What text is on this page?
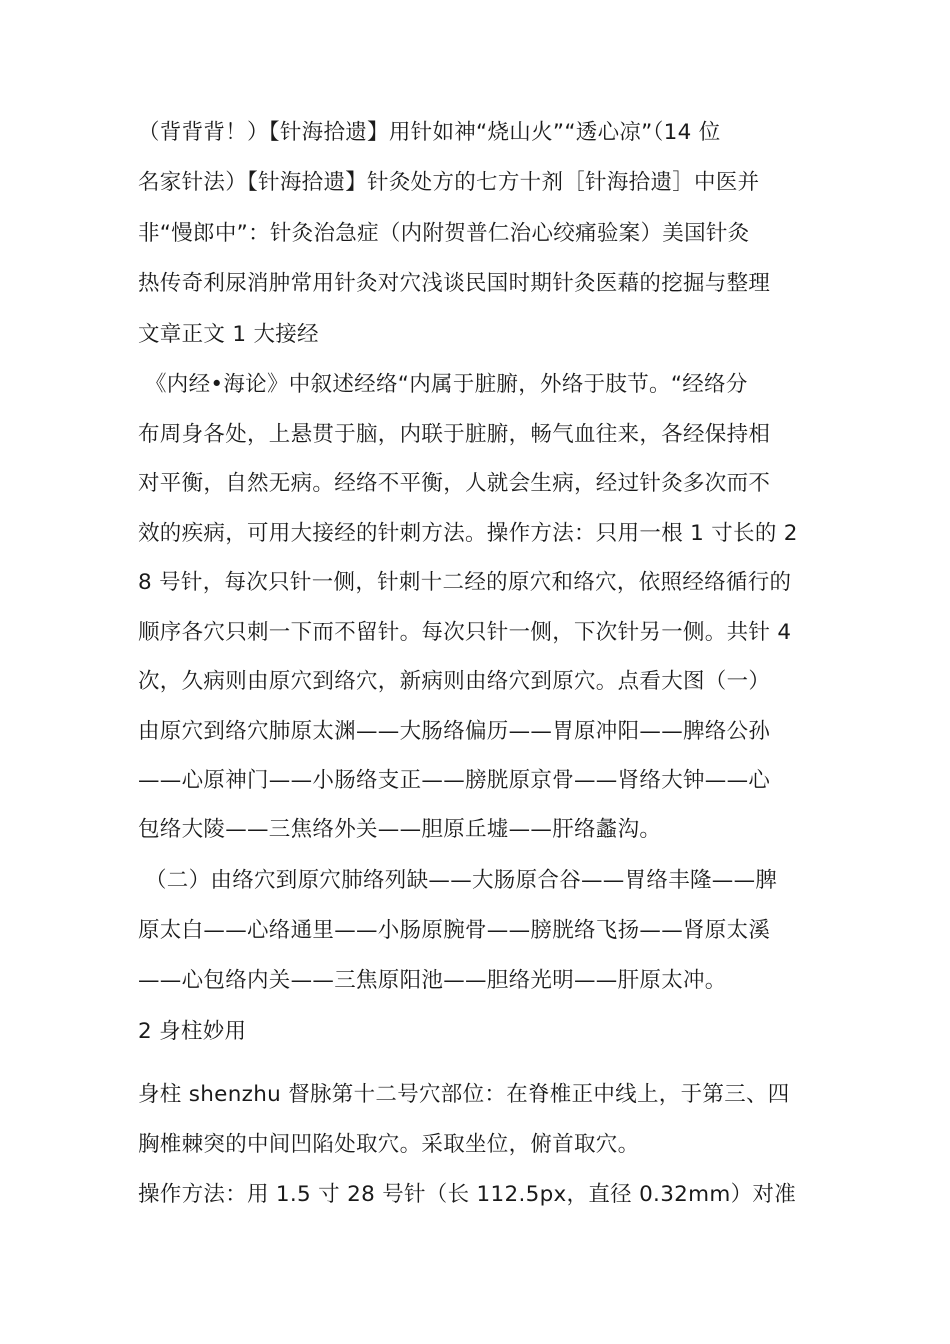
（背背背！）【针海拾遗】用针如神“烧山火”“透心凉”（14 位

名家针法）【针海拾遗】针灸处方的七方十剂［针海拾遗］中医并

非“慢郎中”：针灸治急症（内附贺普仁治心绞痛验案）美国针灸

热传奇利尿消肿常用针灸对穴浅谈民国时期针灸医藉的挖掘与整理

文章正文 1 大接经

《内经•海论》中叙述经络“内属于脏腑，外络于肢节。“经络分

布周身各处，上悬贯于脑，内联于脏腑，畅气血往来，各经保持相

对平衡，自然无病。经络不平衡，人就会生病，经过针灸多次而不

效的疾病，可用大接经的针刺方法。操作方法：只用一根 1 寸长的 2

8 号针，每次只针一侧，针刺十二经的原穴和络穴，依照经络循行的

顺序各穴只刺一下而不留针。每次只针一侧，下次针另一侧。共针 4

次，久病则由原穴到络穴，新病则由络穴到原穴。点看大图（一）

由原穴到络穴肺原太渊——大肠络偏历——胃原冲阳——脾络公孙

——心原神门——小肠络支正——膀胱原京骨——肾络大钟——心

包络大陵——三焦络外关——胆原丘墟——肝络蠡沟。

（二）由络穴到原穴肺络列缺——大肠原合谷——胃络丰隆——脾

原太白——心络通里——小肠原腕骨——膀胱络飞扬——肾原太溪

——心包络内关——三焦原阳池——胆络光明——肝原太冲。

2 身柱妙用

身柱 shenzhu 督脉第十二号穴部位：在脊椎正中线上，于第三、四

胸椎棘突的中间凹陷处取穴。采取坐位，俯首取穴。

操作方法：用 1.5 寸 28 号针（长 112.5px，直径 0.32mm）对准
